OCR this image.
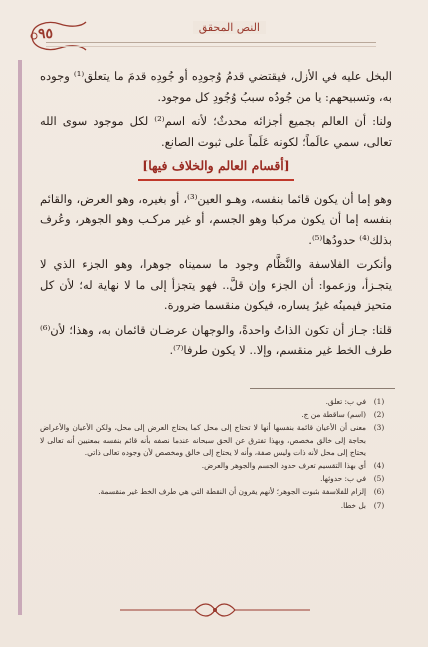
٩٥	النص المحقق

البخل عليه في الأزل، فيقتضي قدمُ وُجودِه أو جُودِه قدمَ ما يتعلق⁽¹⁾ وجوده به، وتسبيحهم: يا من جُودُه سببُ وُجُودِ كل موجود.

ولنا: أن العالم بجميع أجزائه محدثٌ؛ لأنه اسم⁽²⁾ لكل موجود سوى الله تعالى، سمي عالَماً؛ لكونه عَلَماً على ثبوت الصانع.

[أقسام العالم والخلاف فيها]

وهو إما أن يكون قائما بنفسه، وهـو العين⁽³⁾، أو بغيره، وهو العرض، والقائم بنفسه إما أن يكون مركبا وهو الجسم، أو غير مركـب وهو الجوهر، وعُرف بذلك⁽⁴⁾ حدودُها⁽⁵⁾.

وأنكرت الفلاسفة والنَّظَّام وجود ما سميناه جوهرا، وهو الجزء الذي لا يتجـزأ، وزعموا: أن الجزء وإن قلَّ.. فهو يتجزأ إلى ما لا نهاية له؛ لأن كل متحيز فيمينُه غيرُ يساره، فيكون منقسما ضرورة.

قلنا: جـاز أن تكون الذاتُ واحدةً، والوجهان عرضـان قائمان به، وهذا؛ لأن⁽⁶⁾ طرف الخط غير منقسم، وإلا.. لا يكون طرفا⁽⁷⁾.

(1)
في ب: تعلق.
(2)
(اسم) ساقطة من ج.
(3)
معنى أن الأعيان قائمة بنفسها أنها لا تحتاج إلى محل كما يحتاج العرض إلى محل، ولكن الأعيان والأعراض بحاجة إلى خالق مخصص، وبهذا تفترق عن الحق سبحانه عندما نصفه بأنه قائم بنفسه بمعنيين أنه تعالى لا يحتاج إلى محل لأنه ذات وليس صفة، وأنه لا يحتاج إلى خالق ومخصص لأن وجوده تعالى ذاتي.
(4)
أي بهذا التقسيم تعرف حدود الجسم والجوهر والعرض.
(5)
في ب: حدوثها.
(6)
إلزام للفلاسفة بثبوت الجوهر؛ لأنهم يقرون أن النقطة التي هي طرف الخط غير منقسمة.
(7)
بل خطا.
